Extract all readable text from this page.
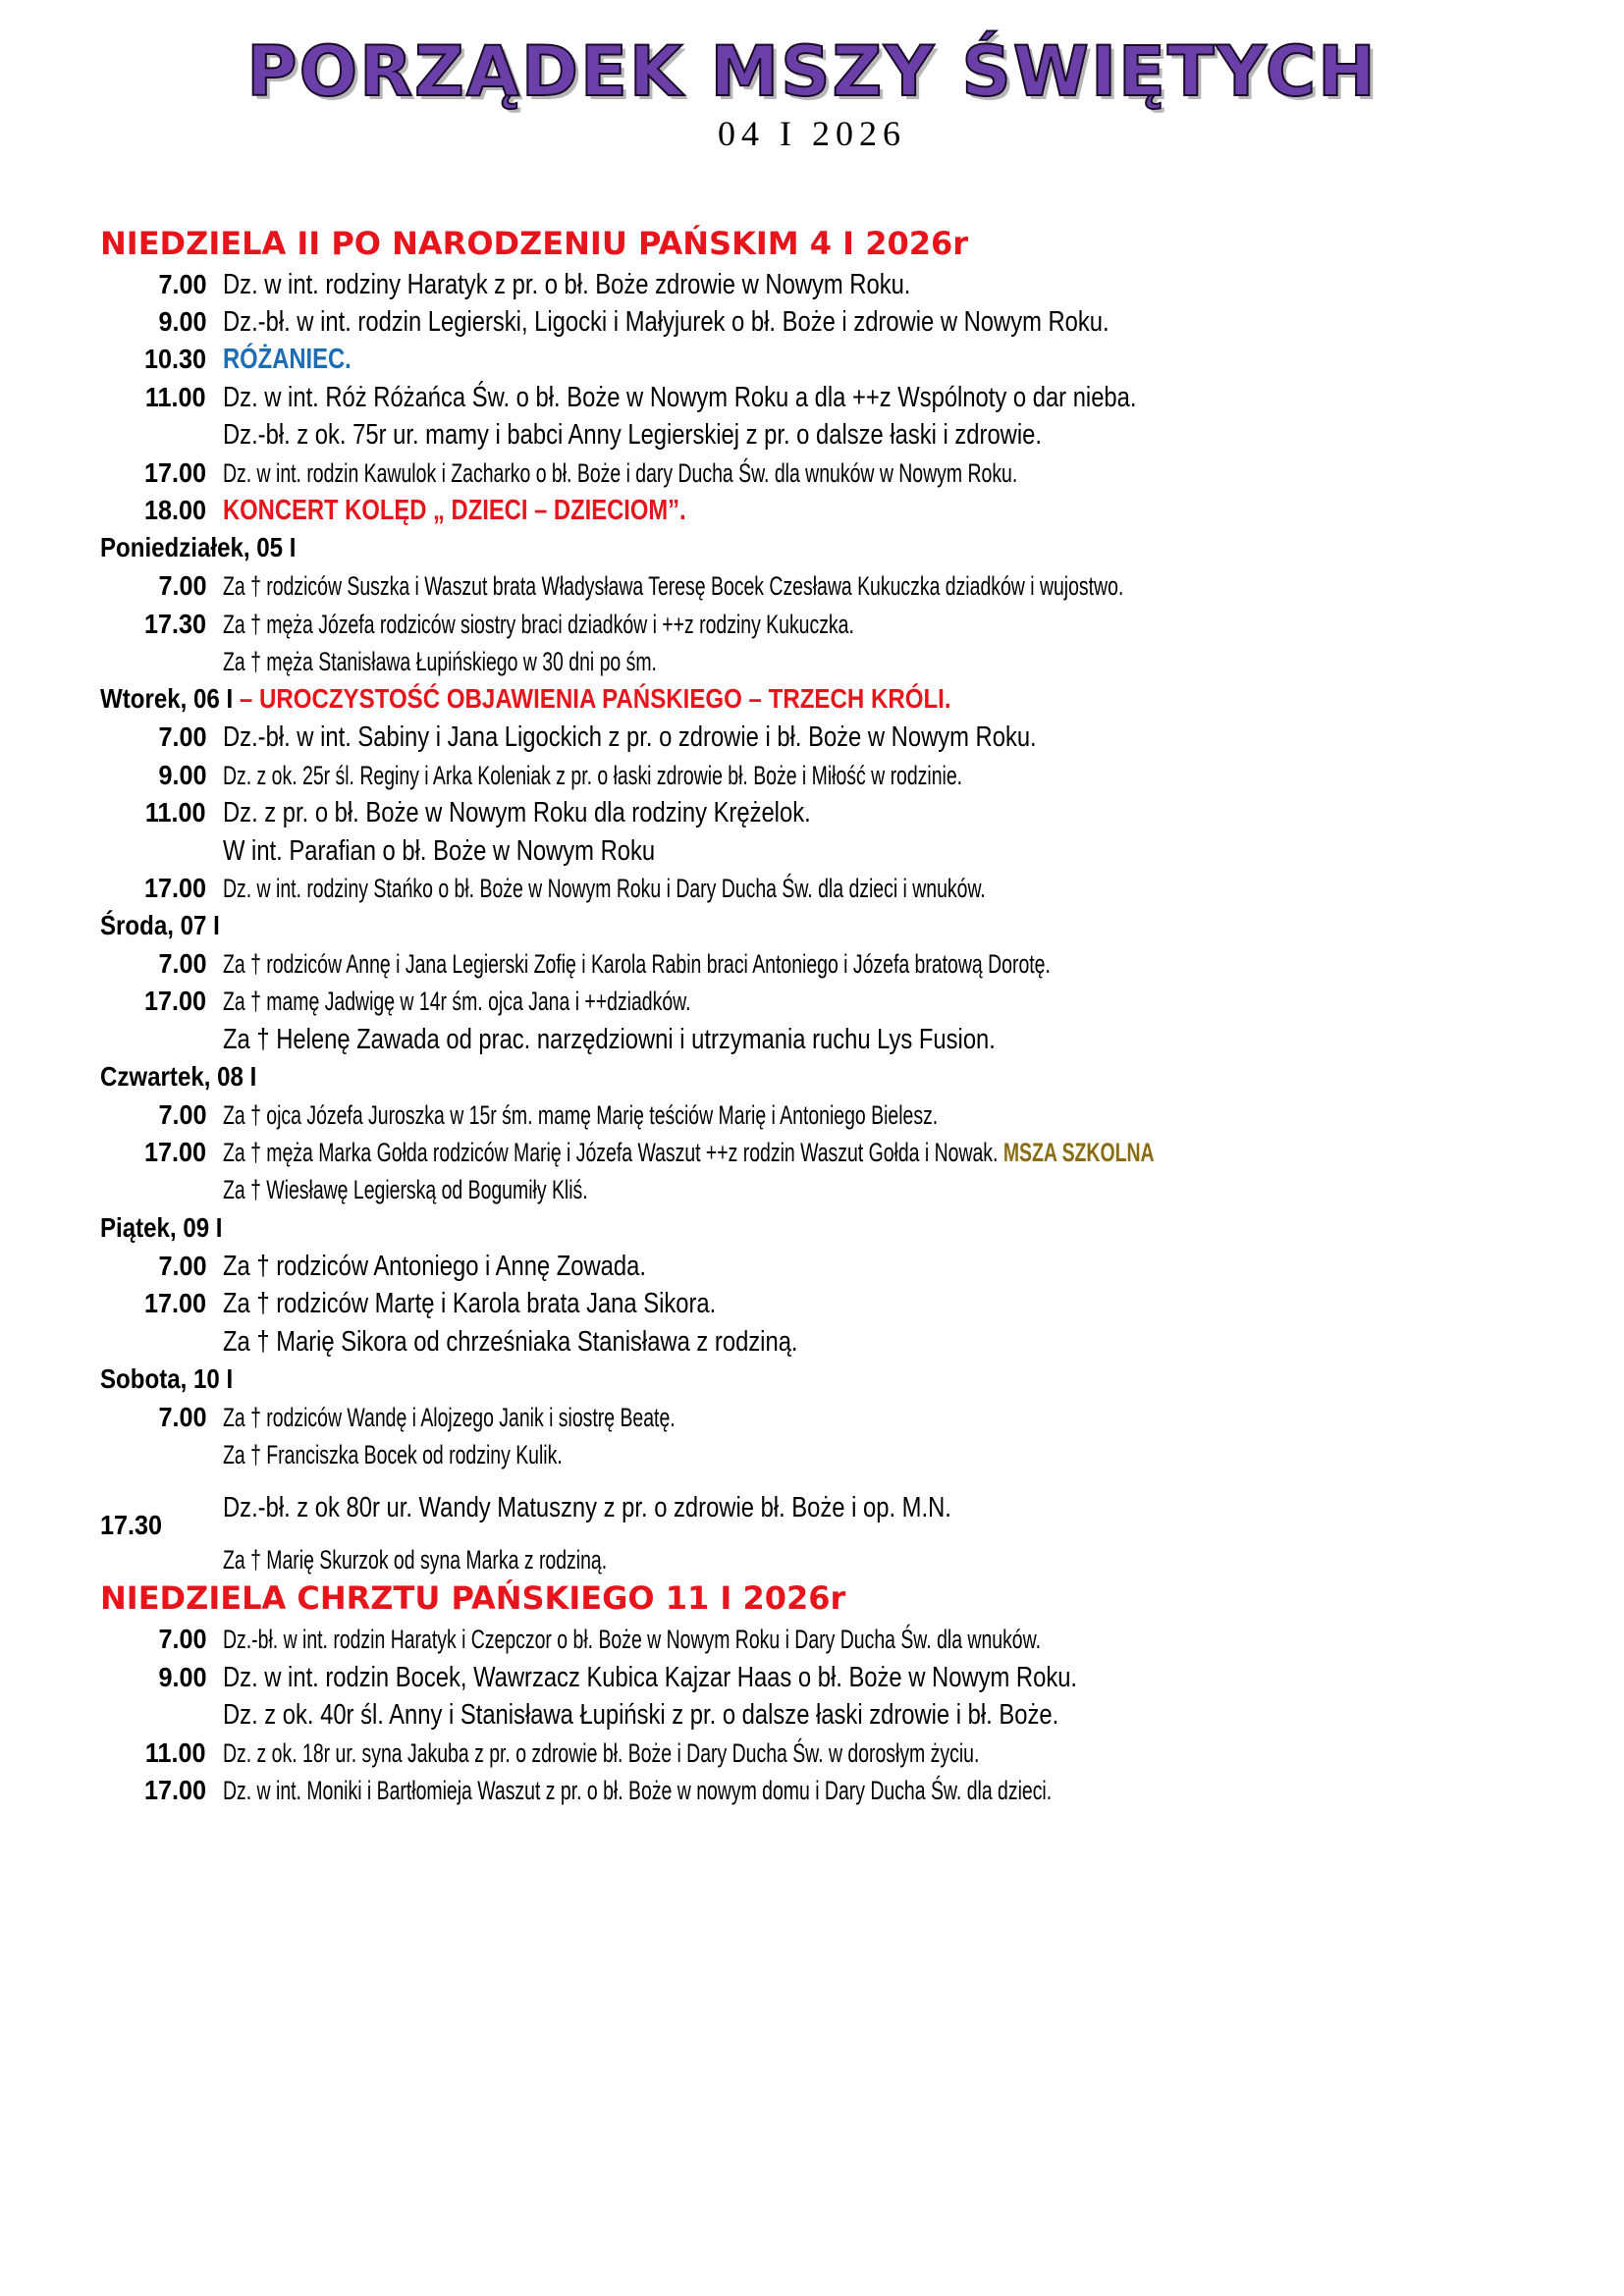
PORZĄDEK MSZY ŚWIĘTYCH
04 I 2026
NIEDZIELA II PO NARODZENIU PAŃSKIM 4 I 2026r
7.00 Dz. w int. rodziny Haratyk z pr. o bł. Boże zdrowie w Nowym Roku.
9.00 Dz.-bł. w int. rodzin Legierski, Ligocki i Małyjurek o bł. Boże i zdrowie w Nowym Roku.
10.30 RÓŻANIEC.
11.00 Dz. w int. Róż Różańca Św. o bł. Boże w Nowym Roku a dla ++z Wspólnoty o dar nieba.
Dz.-bł. z ok. 75r ur. mamy i babci Anny Legierskiej z pr. o dalsze łaski i zdrowie.
17.00 Dz. w int. rodzin Kawulok i Zacharko o bł. Boże i dary Ducha Św. dla wnuków w Nowym Roku.
18.00 KONCERT KOLĘD „ DZIECI – DZIECIOM”.
Poniedziałek, 05 I
7.00 Za † rodziców Suszka i Waszut brata Władysława Teresę Bocek Czesława Kukuczka dziadków i wujostwo.
17.30 Za † męża Józefa rodziców siostry braci dziadków i ++z rodziny Kukuczka.
Za † męża Stanisława Łupińskiego w 30 dni po śm.
Wtorek, 06 I – UROCZYSTOŚĆ OBJAWIENIA PAŃSKIEGO – TRZECH KRÓLI.
7.00 Dz.-bł. w int. Sabiny i Jana Ligockich z pr. o zdrowie i bł. Boże w Nowym Roku.
9.00 Dz. z ok. 25r śl. Reginy i Arka Koleniak z pr. o łaski zdrowie bł. Boże i Miłość w rodzinie.
11.00 Dz. z pr. o bł. Boże w Nowym Roku dla rodziny Krężelok.
W int. Parafian o bł. Boże w Nowym Roku
17.00 Dz. w int. rodziny Stańko o bł. Boże w Nowym Roku i Dary Ducha Św. dla dzieci i wnuków.
Środa, 07 I
7.00 Za † rodziców Annę i Jana Legierski Zofię i Karola Rabin braci Antoniego i Józefa bratową Dorotę.
17.00 Za † mamę Jadwigę w 14r śm. ojca Jana i ++dziadków.
Za † Helenę Zawada od prac. narzędziowni i utrzymania ruchu Lys Fusion.
Czwartek, 08 I
7.00 Za † ojca Józefa Juroszka w 15r śm. mamę Marię teściów Marię i Antoniego Bielesz.
17.00 Za † męża Marka Gołda rodziców Marię i Józefa Waszut ++z rodzin Waszut Gołda i Nowak. MSZA SZKOLNA
Za † Wiesławę Legierską od Bogumiły Kliś.
Piątek, 09 I
7.00 Za † rodziców Antoniego i Annę Zowada.
17.00 Za † rodziców Martę i Karola brata Jana Sikora.
Za † Marię Sikora od chrześniaka Stanisława z rodziną.
Sobota, 10 I
7.00 Za † rodziców Wandę i Alojzego Janik i siostrę Beatę.
Za † Franciszka Bocek od rodziny Kulik.
17.30
Dz.-bł. z ok 80r ur. Wandy Matuszny z pr. o zdrowie bł. Boże i op. M.N.
Za † Marię Skurzok od syna Marka z rodziną.
NIEDZIELA CHRZTU PAŃSKIEGO 11 I 2026r
7.00 Dz.-bł. w int. rodzin Haratyk i Czepczor o bł. Boże w Nowym Roku i Dary Ducha Św. dla wnuków.
9.00 Dz. w int. rodzin Bocek, Wawrzacz Kubica Kajzar Haas o bł. Boże w Nowym Roku.
Dz. z ok. 40r śl. Anny i Stanisława Łupiński z pr. o dalsze łaski zdrowie i bł. Boże.
11.00 Dz. z ok. 18r ur. syna Jakuba z pr. o zdrowie bł. Boże i Dary Ducha Św. w dorosłym życiu.
17.00 Dz. w int. Moniki i Bartłomieja Waszut z pr. o bł. Boże w nowym domu i Dary Ducha Św. dla dzieci.
